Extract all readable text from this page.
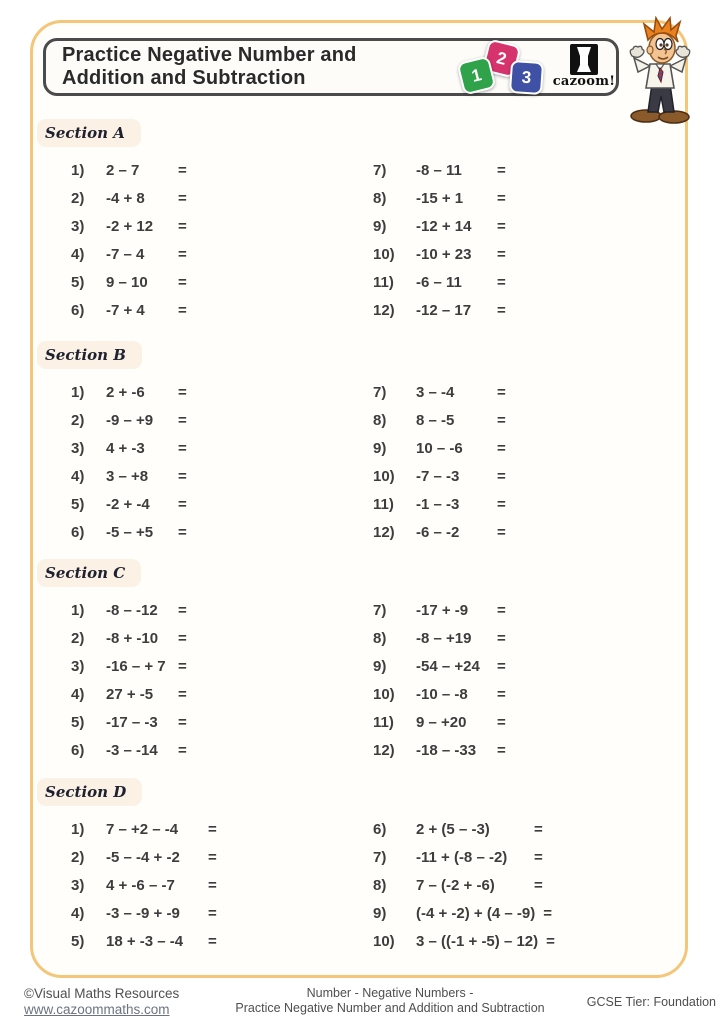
Practice Negative Number and
Addition and Subtraction	1
2
3	cazoom!
Section A
1)	2 – 7	=
2)	-4 + 8	=
3)	-2 + 12	=
4)	-7 – 4	=
5)	9 – 10	=
6)	-7 + 4	=
7)	-8 – 11	=
8)	-15 + 1	=
9)	-12 + 14	=
10)	-10 + 23	=
11)	-6 – 11	=
12)	-12 – 17	=
Section B
1)	2 + -6	=
2)	-9 – +9	=
3)	4 + -3	=
4)	3 – +8	=
5)	-2 + -4	=
6)	-5 – +5	=
7)	3 – -4	=
8)	8 – -5	=
9)	10 – -6	=
10)	-7 – -3	=
11)	-1 – -3	=
12)	-6 – -2	=
Section C
1)	-8 – -12	=
2)	-8 + -10	=
3)	-16 – + 7 =
4)	27 + -5	=
5)	-17 – -3	=
6)	-3 – -14	=
7)	-17 + -9	=
8)	-8 – +19	=
9)	-54 – +24	=
10)	-10 – -8	=
11)	9 – +20	=
12)	-18 – -33	=
Section D
1)	7 – +2 – -4	=
2)	-5 – -4 + -2	=
3)	4 + -6 – -7	=
4)	-3 – -9 + -9	=
5)	18 + -3 – -4	=
6)	2 + (5 – -3)	=
7)	-11 + (-8 – -2)	=
8)	7 – (-2 + -6)	=
9)	(-4 + -2) + (4 – -9) =
10)	3 – ((-1 + -5) – 12) =
©Visual Maths Resources
www.cazoommaths.com
Number - Negative Numbers -
Practice Negative Number and Addition and Subtraction	GCSE Tier: Foundation
